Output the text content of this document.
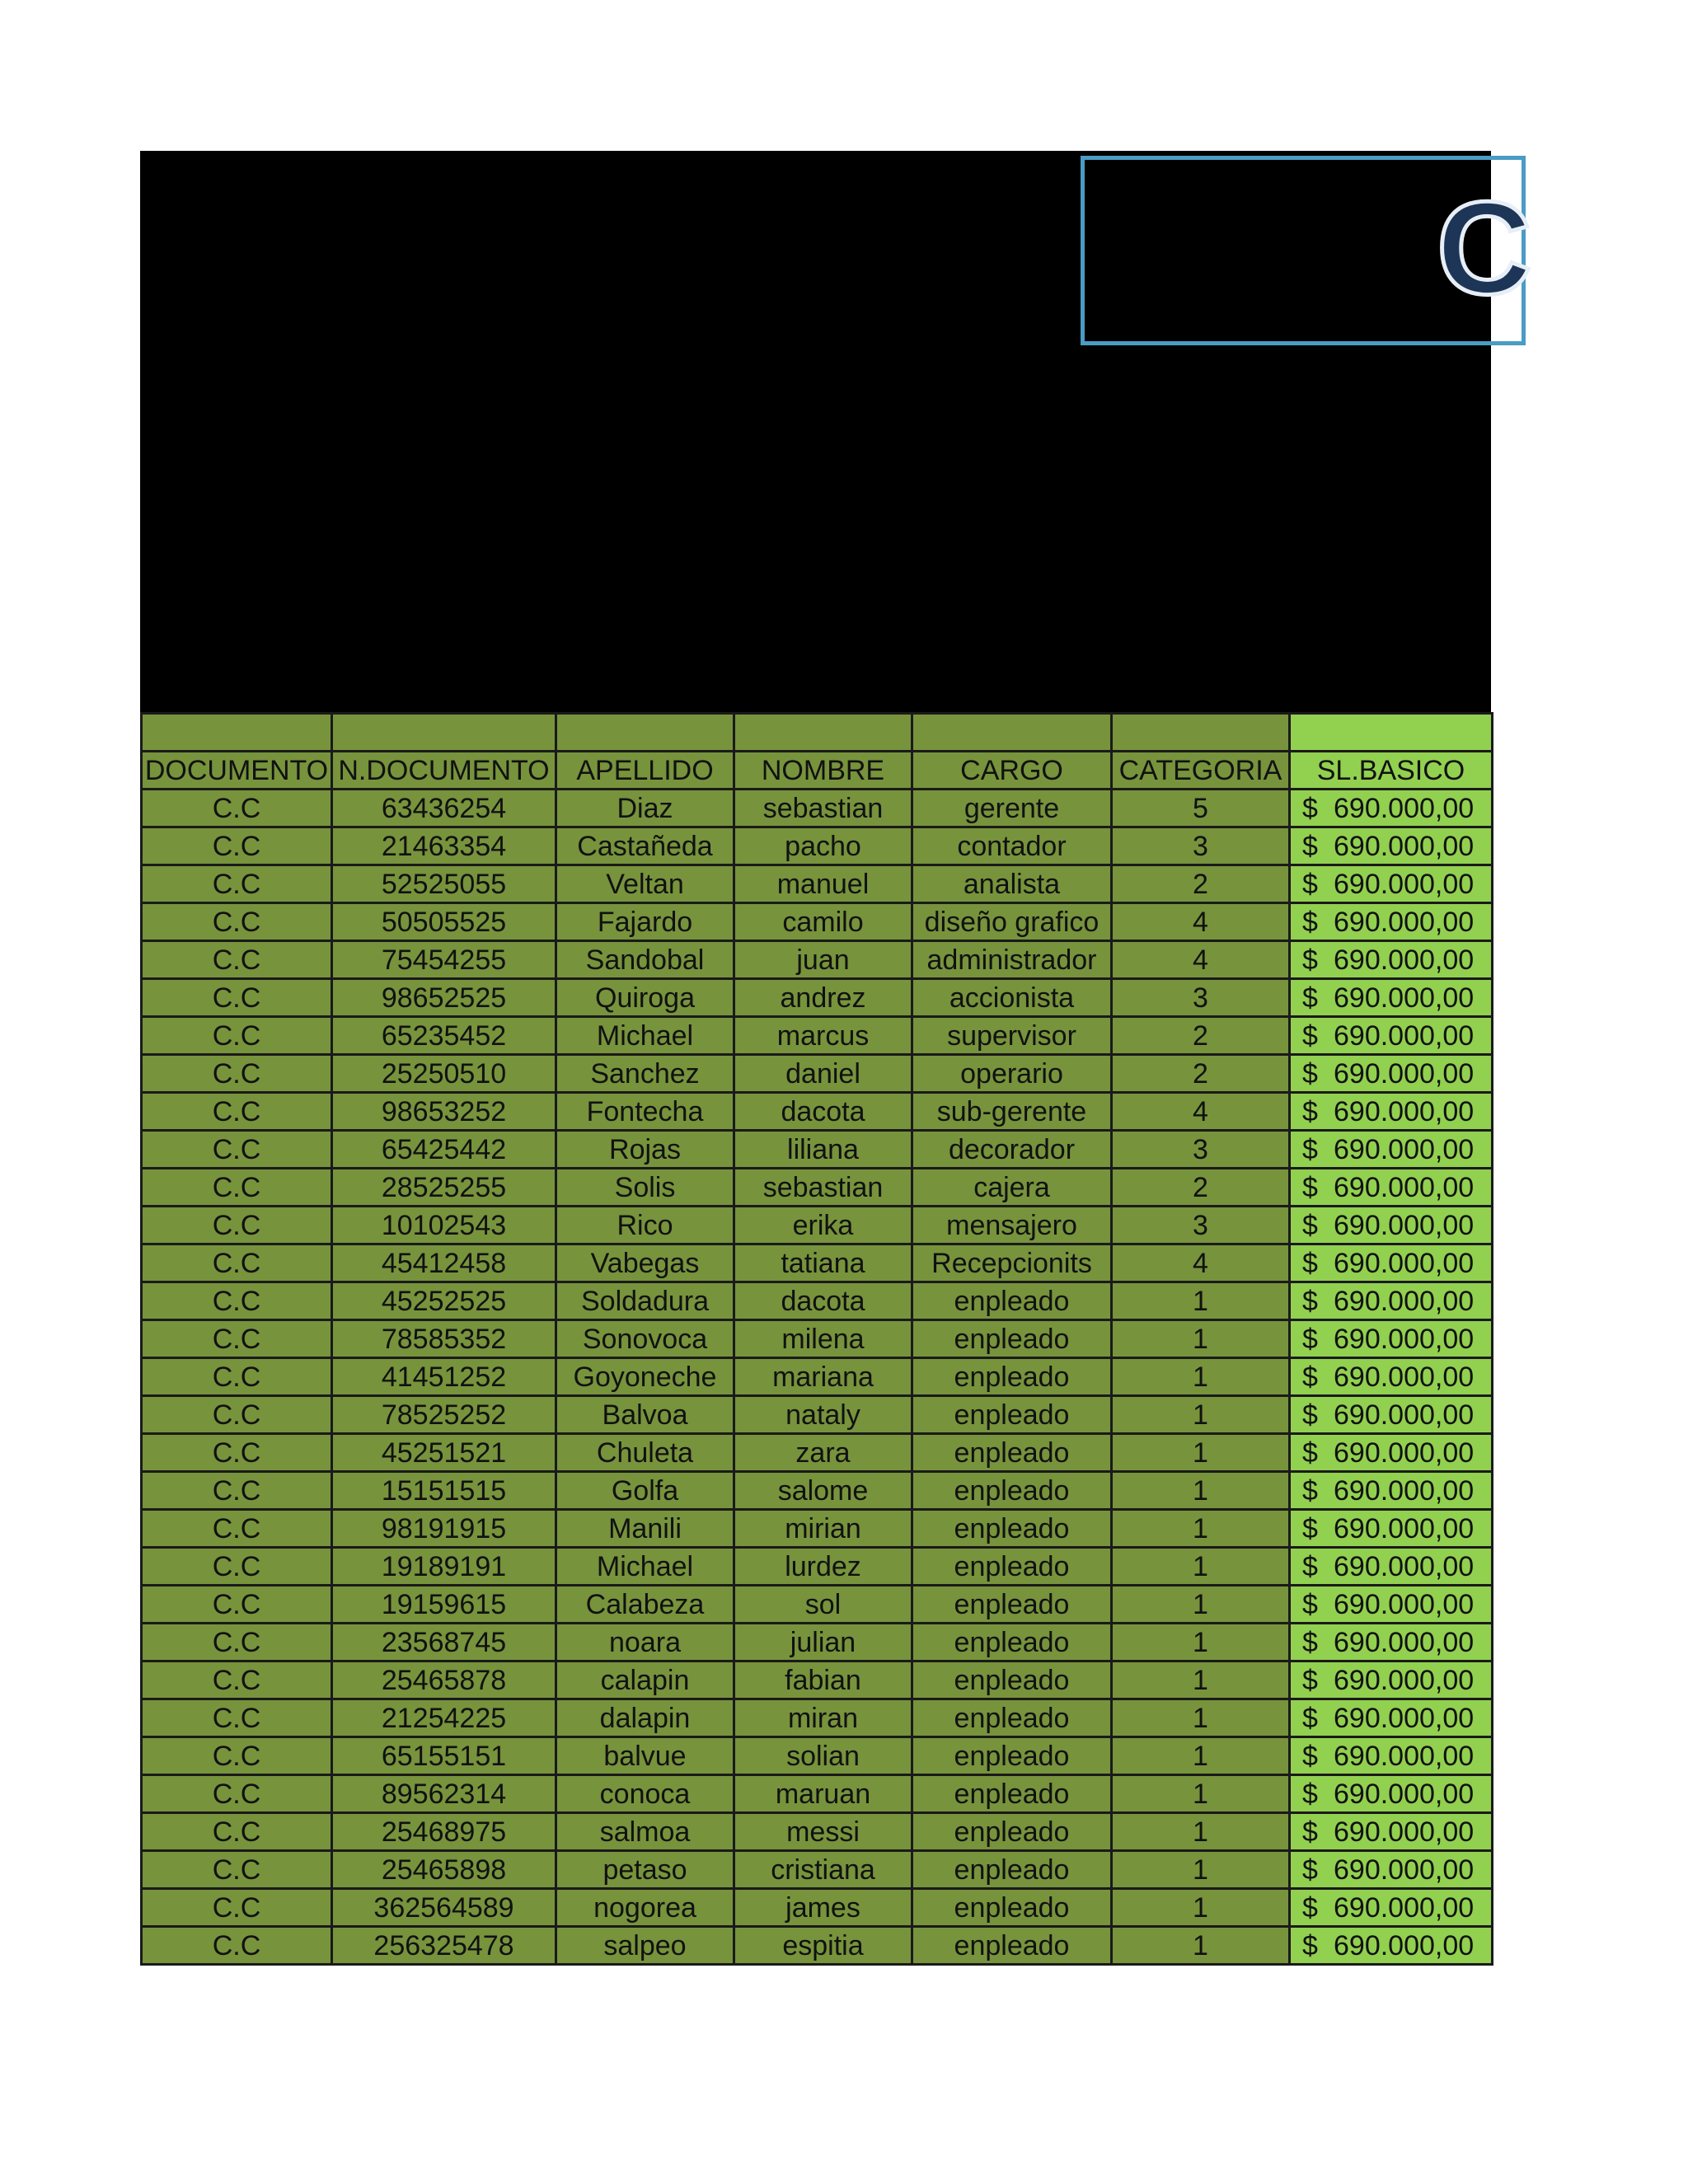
C

DOCUMENTO	N.DOCUMENTO	APELLIDO	NOMBRE	CARGO	CATEGORIA	SL.BASICO
C.C	63436254	Diaz	sebastian	gerente	5	$ 690.000,00
C.C	21463354	Castañeda	pacho	contador	3	$ 690.000,00
C.C	52525055	Veltan	manuel	analista	2	$ 690.000,00
C.C	50505525	Fajardo	camilo	diseño grafico	4	$ 690.000,00
C.C	75454255	Sandobal	juan	administrador	4	$ 690.000,00
C.C	98652525	Quiroga	andrez	accionista	3	$ 690.000,00
C.C	65235452	Michael	marcus	supervisor	2	$ 690.000,00
C.C	25250510	Sanchez	daniel	operario	2	$ 690.000,00
C.C	98653252	Fontecha	dacota	sub-gerente	4	$ 690.000,00
C.C	65425442	Rojas	liliana	decorador	3	$ 690.000,00
C.C	28525255	Solis	sebastian	cajera	2	$ 690.000,00
C.C	10102543	Rico	erika	mensajero	3	$ 690.000,00
C.C	45412458	Vabegas	tatiana	Recepcionits	4	$ 690.000,00
C.C	45252525	Soldadura	dacota	enpleado	1	$ 690.000,00
C.C	78585352	Sonovoca	milena	enpleado	1	$ 690.000,00
C.C	41451252	Goyoneche	mariana	enpleado	1	$ 690.000,00
C.C	78525252	Balvoa	nataly	enpleado	1	$ 690.000,00
C.C	45251521	Chuleta	zara	enpleado	1	$ 690.000,00
C.C	15151515	Golfa	salome	enpleado	1	$ 690.000,00
C.C	98191915	Manili	mirian	enpleado	1	$ 690.000,00
C.C	19189191	Michael	lurdez	enpleado	1	$ 690.000,00
C.C	19159615	Calabeza	sol	enpleado	1	$ 690.000,00
C.C	23568745	noara	julian	enpleado	1	$ 690.000,00
C.C	25465878	calapin	fabian	enpleado	1	$ 690.000,00
C.C	21254225	dalapin	miran	enpleado	1	$ 690.000,00
C.C	65155151	balvue	solian	enpleado	1	$ 690.000,00
C.C	89562314	conoca	maruan	enpleado	1	$ 690.000,00
C.C	25468975	salmoa	messi	enpleado	1	$ 690.000,00
C.C	25465898	petaso	cristiana	enpleado	1	$ 690.000,00
C.C	362564589	nogorea	james	enpleado	1	$ 690.000,00
C.C	256325478	salpeo	espitia	enpleado	1	$ 690.000,00
